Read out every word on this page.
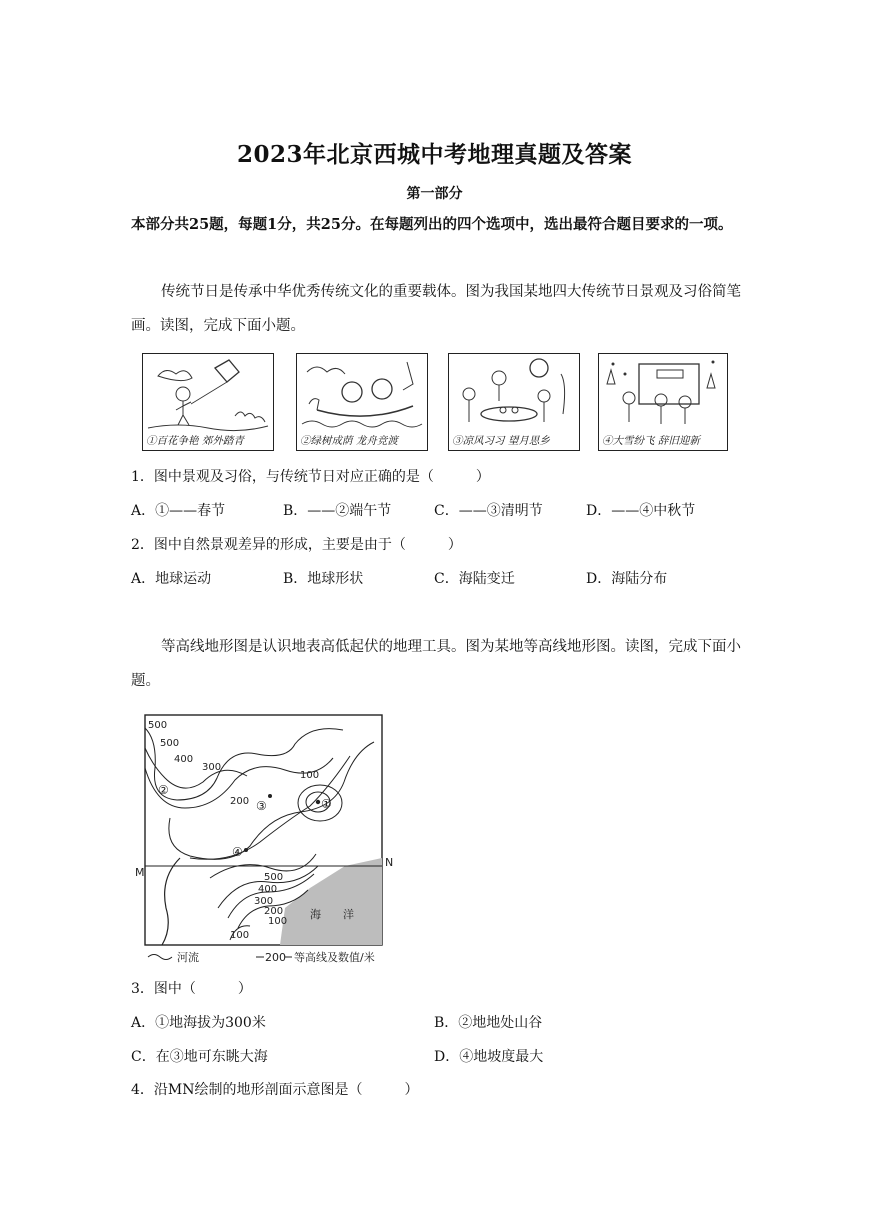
2023年北京西城中考地理真题及答案
第一部分
本部分共25题，每题1分，共25分。在每题列出的四个选项中，选出最符合题目要求的一项。
传统节日是传承中华优秀传统文化的重要载体。图为我国某地四大传统节日景观及习俗简笔画。读图，完成下面小题。
①百花争艳 郊外踏青	②绿树成荫 龙舟竞渡	③凉风习习 望月思乡	④大雪纷飞 辞旧迎新
1．图中景观及习俗，与传统节日对应正确的是（　　　）
A．①——春节	B．——②端午节	C．——③清明节	D．——④中秋节
2．图中自然景观差异的形成，主要是由于（　　　）
A．地球运动	B．地球形状	C．海陆变迁	D．海陆分布
等高线地形图是认识地表高低起伏的地理工具。图为某地等高线地形图。读图，完成下面小题。
500
500
400
300
200
100
500
400
300
200
100
100
②
①
③
④
M
N
海　　洋
河流	200 等高线及数值/米
3．图中（　　　）
A．①地海拔为300米	B．②地地处山谷
C．在③地可东眺大海	D．④地坡度最大
4．沿MN绘制的地形剖面示意图是（　　　）
